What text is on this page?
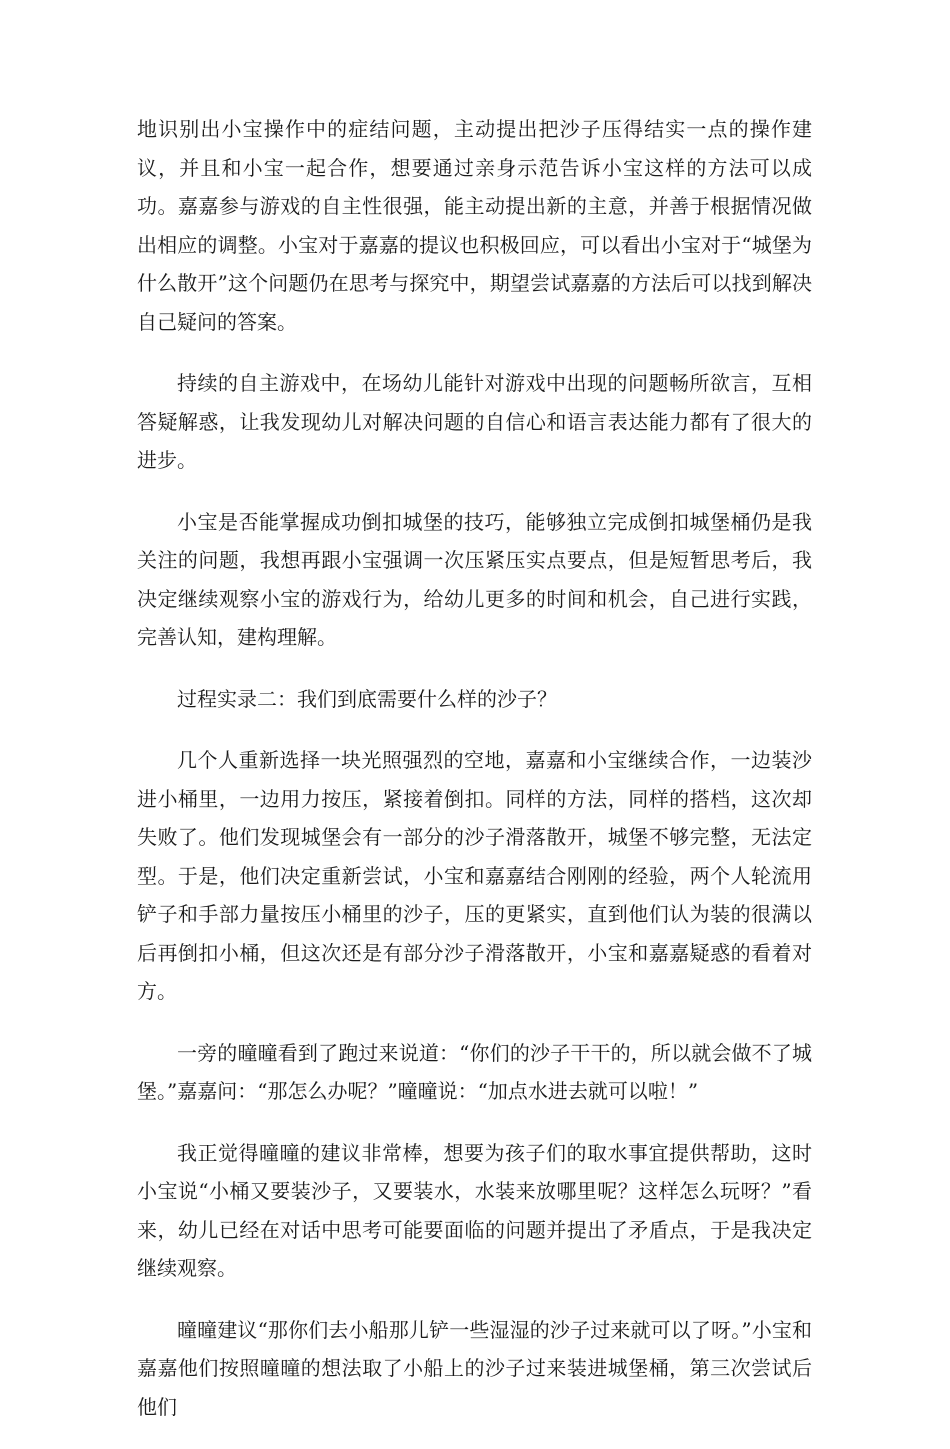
地识别出小宝操作中的症结问题，主动提出把沙子压得结实一点的操作建议，并且和小宝一起合作，想要通过亲身示范告诉小宝这样的方法可以成功。嘉嘉参与游戏的自主性很强，能主动提出新的主意，并善于根据情况做出相应的调整。小宝对于嘉嘉的提议也积极回应，可以看出小宝对于“城堡为什么散开”这个问题仍在思考与探究中，期望尝试嘉嘉的方法后可以找到解决自己疑问的答案。

持续的自主游戏中，在场幼儿能针对游戏中出现的问题畅所欲言，互相答疑解惑，让我发现幼儿对解决问题的自信心和语言表达能力都有了很大的进步。

小宝是否能掌握成功倒扣城堡的技巧，能够独立完成倒扣城堡桶仍是我关注的问题，我想再跟小宝强调一次压紧压实点要点，但是短暂思考后，我决定继续观察小宝的游戏行为，给幼儿更多的时间和机会，自己进行实践，完善认知，建构理解。

过程实录二：我们到底需要什么样的沙子？

几个人重新选择一块光照强烈的空地，嘉嘉和小宝继续合作，一边装沙进小桶里，一边用力按压，紧接着倒扣。同样的方法，同样的搭档，这次却失败了。他们发现城堡会有一部分的沙子滑落散开，城堡不够完整，无法定型。于是，他们决定重新尝试，小宝和嘉嘉结合刚刚的经验，两个人轮流用铲子和手部力量按压小桶里的沙子，压的更紧实，直到他们认为装的很满以后再倒扣小桶，但这次还是有部分沙子滑落散开，小宝和嘉嘉疑惑的看着对方。

一旁的曈曈看到了跑过来说道：“你们的沙子干干的，所以就会做不了城堡。”嘉嘉问：“那怎么办呢？”曈曈说：“加点水进去就可以啦！”

我正觉得曈曈的建议非常棒，想要为孩子们的取水事宜提供帮助，这时小宝说“小桶又要装沙子，又要装水，水装来放哪里呢？这样怎么玩呀？”看来，幼儿已经在对话中思考可能要面临的问题并提出了矛盾点，于是我决定继续观察。

曈曈建议“那你们去小船那儿铲一些湿湿的沙子过来就可以了呀。”小宝和嘉嘉他们按照曈曈的想法取了小船上的沙子过来装进城堡桶，第三次尝试后他们
